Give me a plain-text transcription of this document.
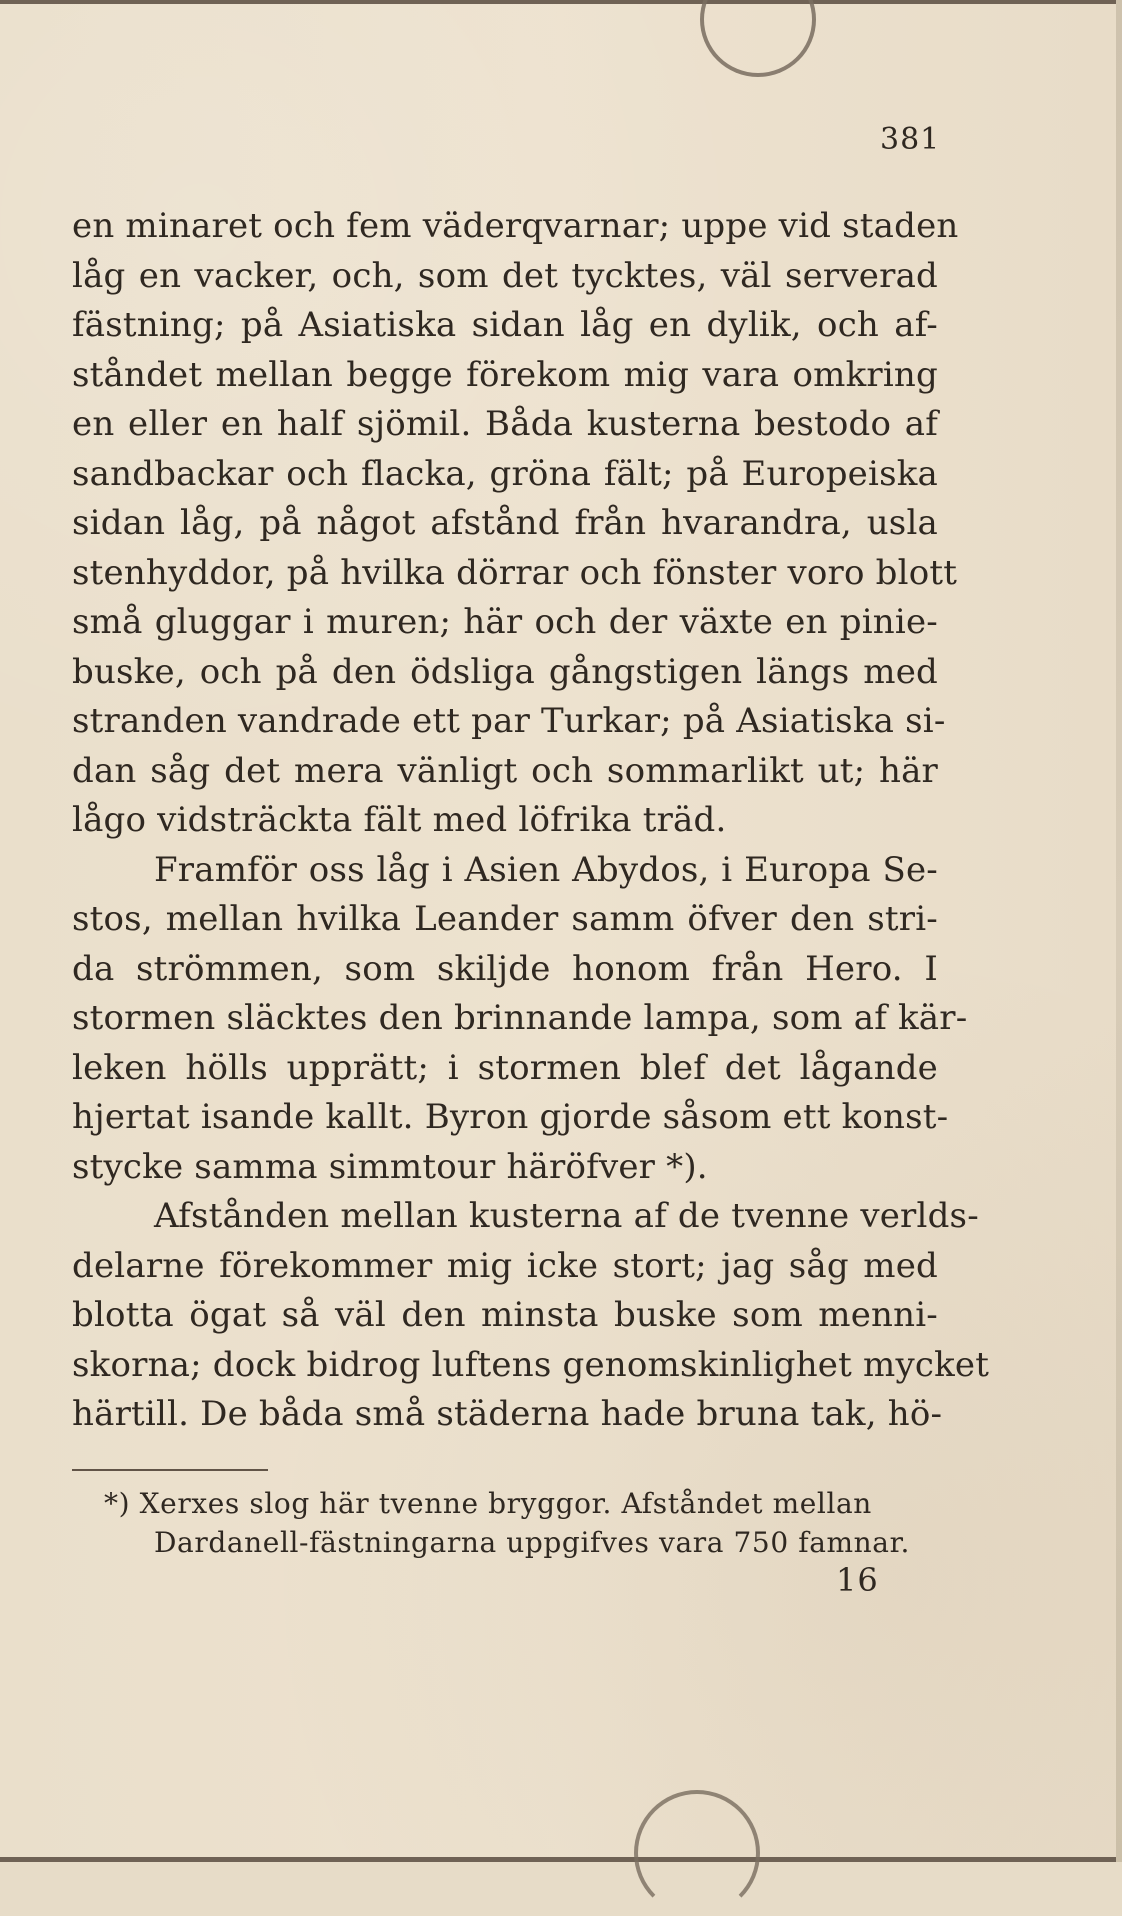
381
en minaret och fem väderqvarnar; uppe vid staden
låg en vacker, och, som det tycktes, väl serverad
fästning; på Asiatiska sidan låg en dylik, och af-
ståndet mellan begge förekom mig vara omkring
en eller en half sjömil. Båda kusterna bestodo af
sandbackar och flacka, gröna fält; på Europeiska
sidan låg, på något afstånd från hvarandra, usla
stenhyddor, på hvilka dörrar och fönster voro blott
små gluggar i muren; här och der växte en pinie-
buske, och på den ödsliga gångstigen längs med
stranden vandrade ett par Turkar; på Asiatiska si-
dan såg det mera vänligt och sommarlikt ut; här
lågo vidsträckta fält med löfrika träd.
Framför oss låg i Asien Abydos, i Europa Se-
stos, mellan hvilka Leander samm öfver den stri-
da strömmen, som skiljde honom från Hero. I
stormen släcktes den brinnande lampa, som af kär-
leken hölls upprätt; i stormen blef det lågande
hjertat isande kallt. Byron gjorde såsom ett konst-
stycke samma simmtour häröfver *).
Afstånden mellan kusterna af de tvenne verlds-
delarne förekommer mig icke stort; jag såg med
blotta ögat så väl den minsta buske som menni-
skorna; dock bidrog luftens genomskinlighet mycket
härtill. De båda små städerna hade bruna tak, hö-
*) Xerxes slog här tvenne bryggor. Afståndet mellan
Dardanell-fästningarna uppgifves vara 750 famnar.
16
